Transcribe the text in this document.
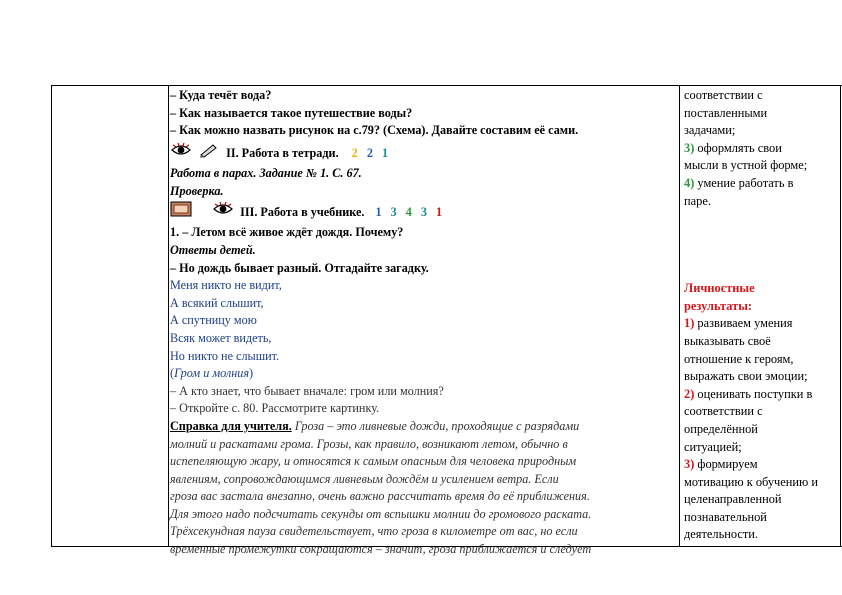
– Куда течёт вода?
– Как называется такое путешествие воды?
– Как можно назвать рисунок на с.79? (Схема). Давайте составим её сами.
II. Работа в тетради. 2 2 1
Работа в парах. Задание № 1. С. 67.
Проверка.
III. Работа в учебнике. 1 3 4 3 1
1. – Летом всё живое ждёт дождя. Почему?
Ответы детей.
– Но дождь бывает разный. Отгадайте загадку.
Меня никто не видит,
А всякий слышит,
А спутницу мою
Всяк может видеть,
Но никто не слышит.
(Гром и молния)
– А кто знает, что бывает вначале: гром или молния?
– Откройте с. 80. Рассмотрите картинку.
Справка для учителя. Гроза – это ливневые дожди, проходящие с разрядами
молний и раскатами грома. Грозы, как правило, возникают летом, обычно в
испепеляющую жару, и относятся к самым опасным для человека природным
явлениям, сопровождающимся ливневым дождём и усилением ветра. Если
гроза вас застала внезапно, очень важно рассчитать время до её приближения.
Для этого надо подсчитать секунды от вспышки молнии до громового раската.
Трёхсекундная пауза свидетельствует, что гроза в километре от вас, но если
временные промежутки сокращаются – значит, гроза приближается и следует
соответствии с
поставленными
задачами;
3) оформлять свои
мысли в устной форме;
4) умение работать в
паре.
Личностные
результаты:
1) развиваем умения
выказывать своё
отношение к героям,
выражать свои эмоции;
2) оценивать поступки в
соответствии с
определённой
ситуацией;
3) формируем
мотивацию к обучению и
целенаправленной
познавательной
деятельности.
